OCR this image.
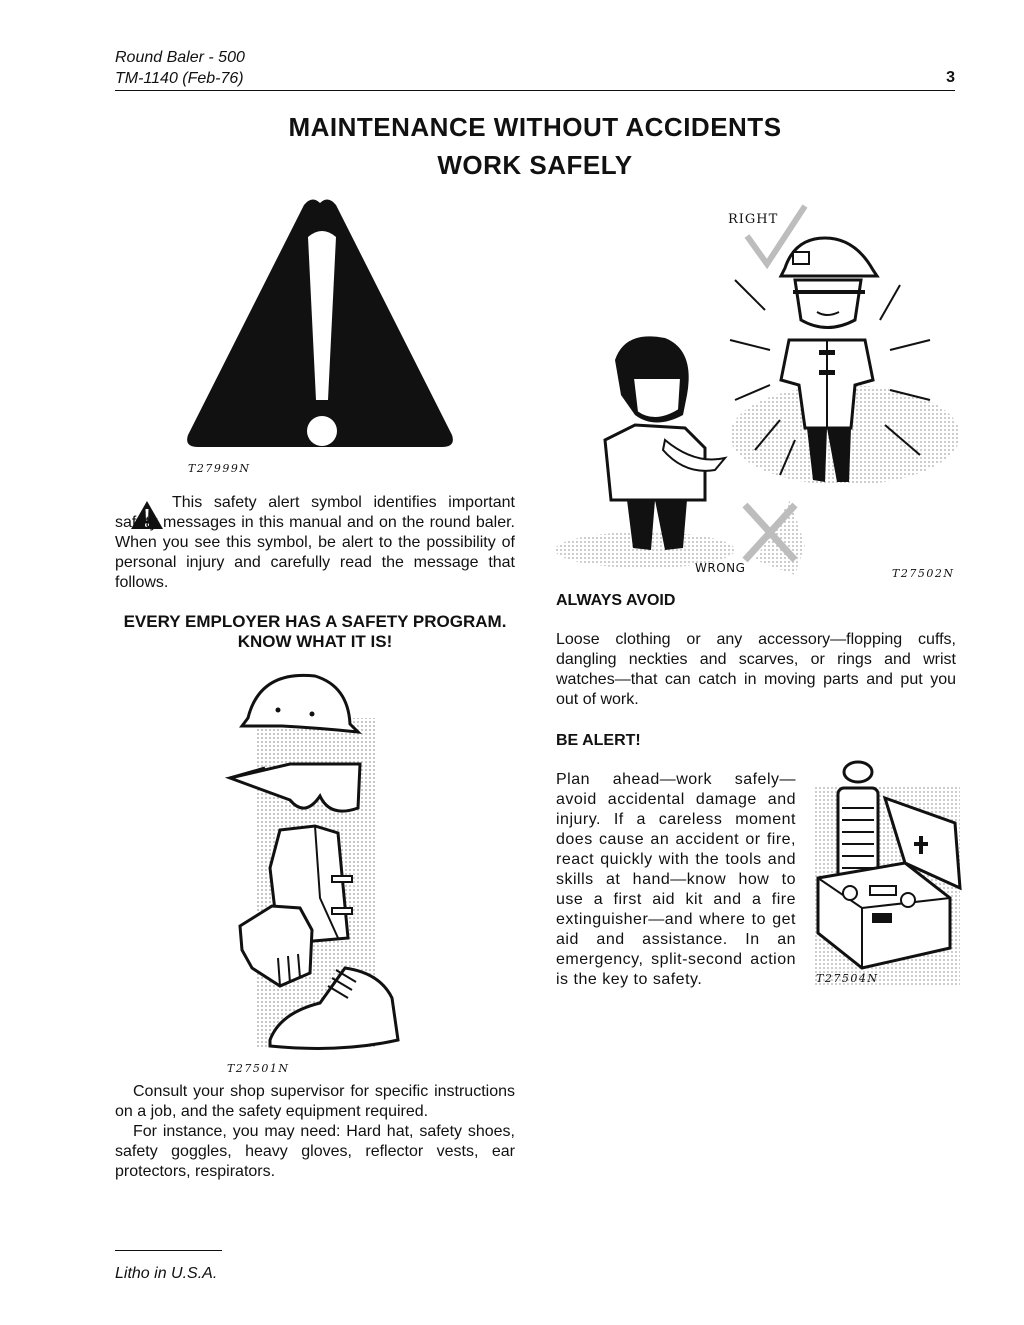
Round Baler - 500
TM-1140 (Feb-76)	3
MAINTENANCE WITHOUT ACCIDENTS
WORK SAFELY
T27999N
This safety alert symbol identifies important safety messages in this manual and on the round baler. When you see this symbol, be alert to the possibility of personal injury and carefully read the message that follows.
EVERY EMPLOYER HAS A SAFETY PROGRAM. KNOW WHAT IT IS!
T27501N
Consult your shop supervisor for specific instructions on a job, and the safety equipment required.
For instance, you may need: Hard hat, safety shoes, safety goggles, heavy gloves, reflector vests, ear protectors, respirators.
RIGHT
WRONG	T27502N
ALWAYS AVOID
Loose clothing or any accessory—flopping cuffs, dangling neckties and scarves, or rings and wrist watches—that can catch in moving parts and put you out of work.
BE ALERT!
Plan ahead—work safely—avoid accidental damage and injury. If a careless moment does cause an accident or fire, react quickly with the tools and skills at hand—know how to use a first aid kit and a fire extinguisher—and where to get aid and assistance. In an emergency, split-second action is the key to safety.	T27504N
Litho in U.S.A.
